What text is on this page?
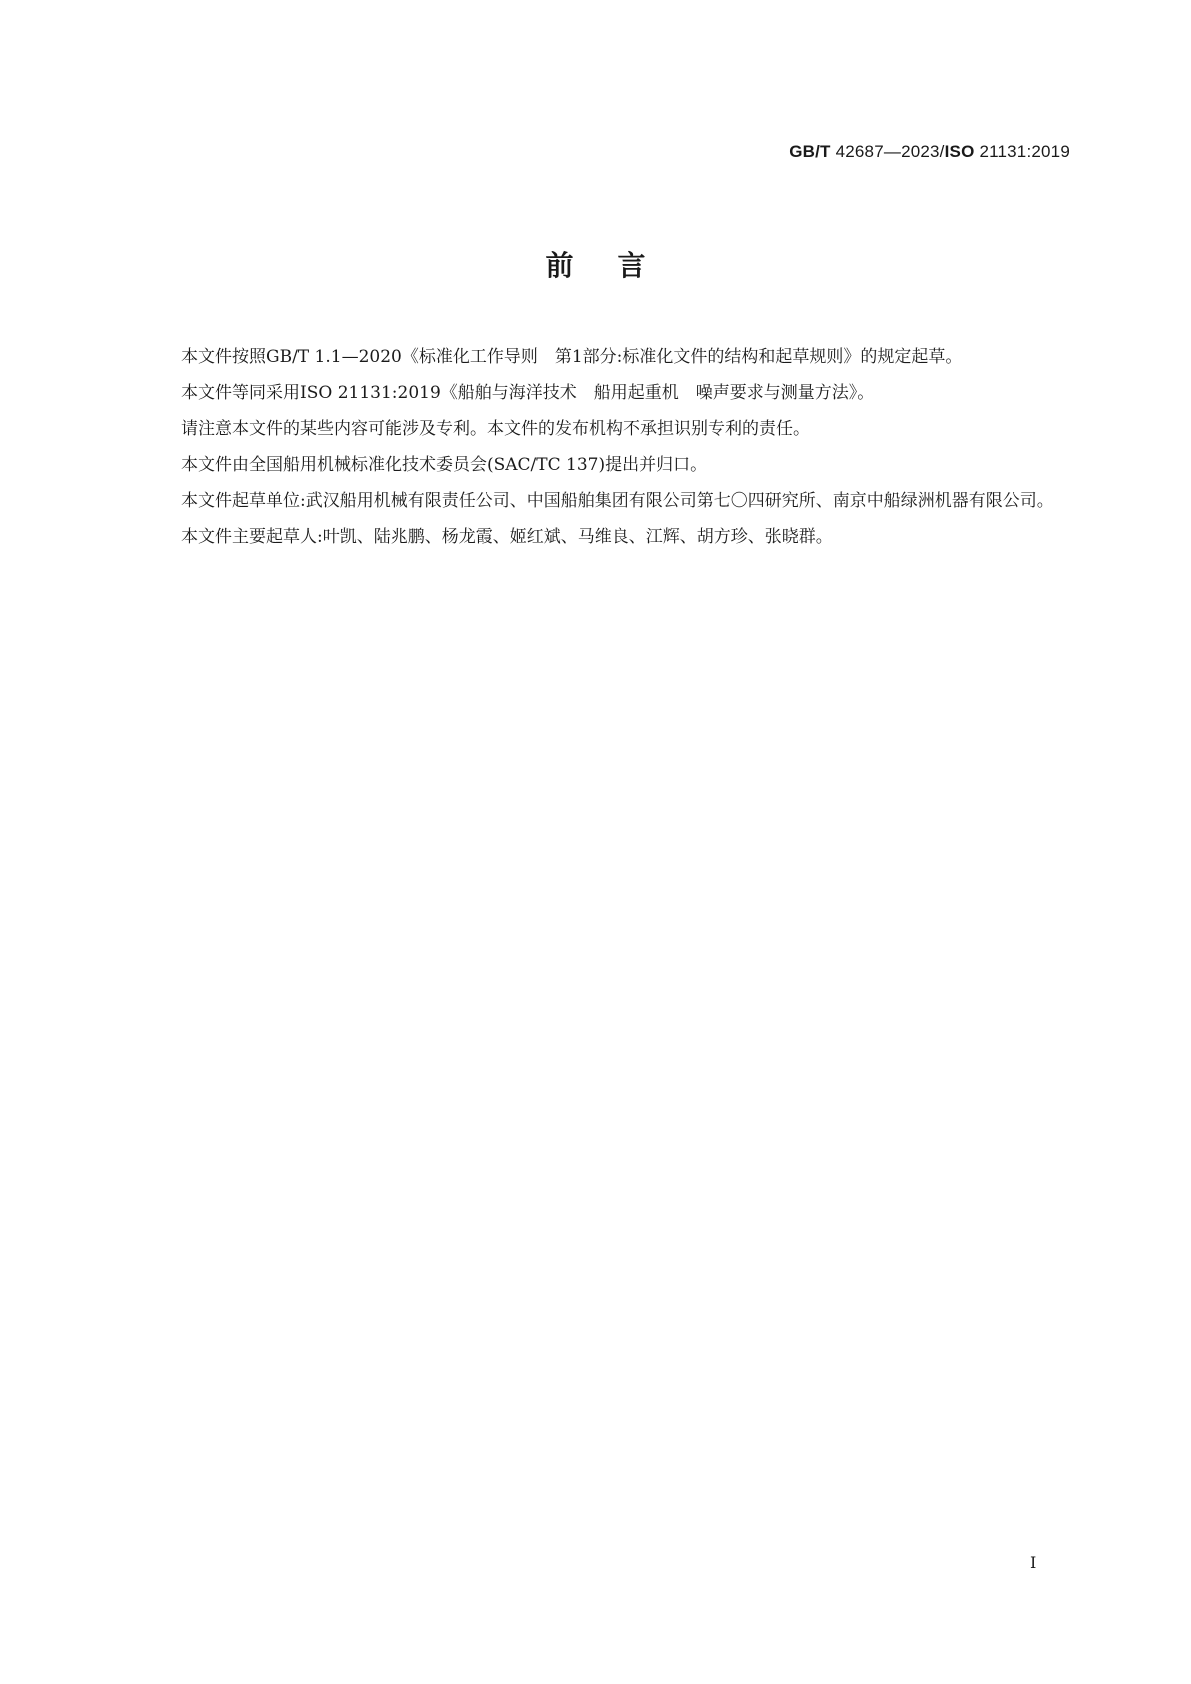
GB/T 42687—2023/ISO 21131:2019
前言

本文件按照GB/T 1.1—2020《标准化工作导则　第1部分:标准化文件的结构和起草规则》的规定起草。

本文件等同采用ISO 21131:2019《船舶与海洋技术　船用起重机　噪声要求与测量方法》。

请注意本文件的某些内容可能涉及专利。本文件的发布机构不承担识别专利的责任。

本文件由全国船用机械标准化技术委员会(SAC/TC 137)提出并归口。

本文件起草单位:武汉船用机械有限责任公司、中国船舶集团有限公司第七〇四研究所、南京中船绿洲机器有限公司。

本文件主要起草人:叶凯、陆兆鹏、杨龙霞、姬红斌、马维良、江辉、胡方珍、张晓群。

I
